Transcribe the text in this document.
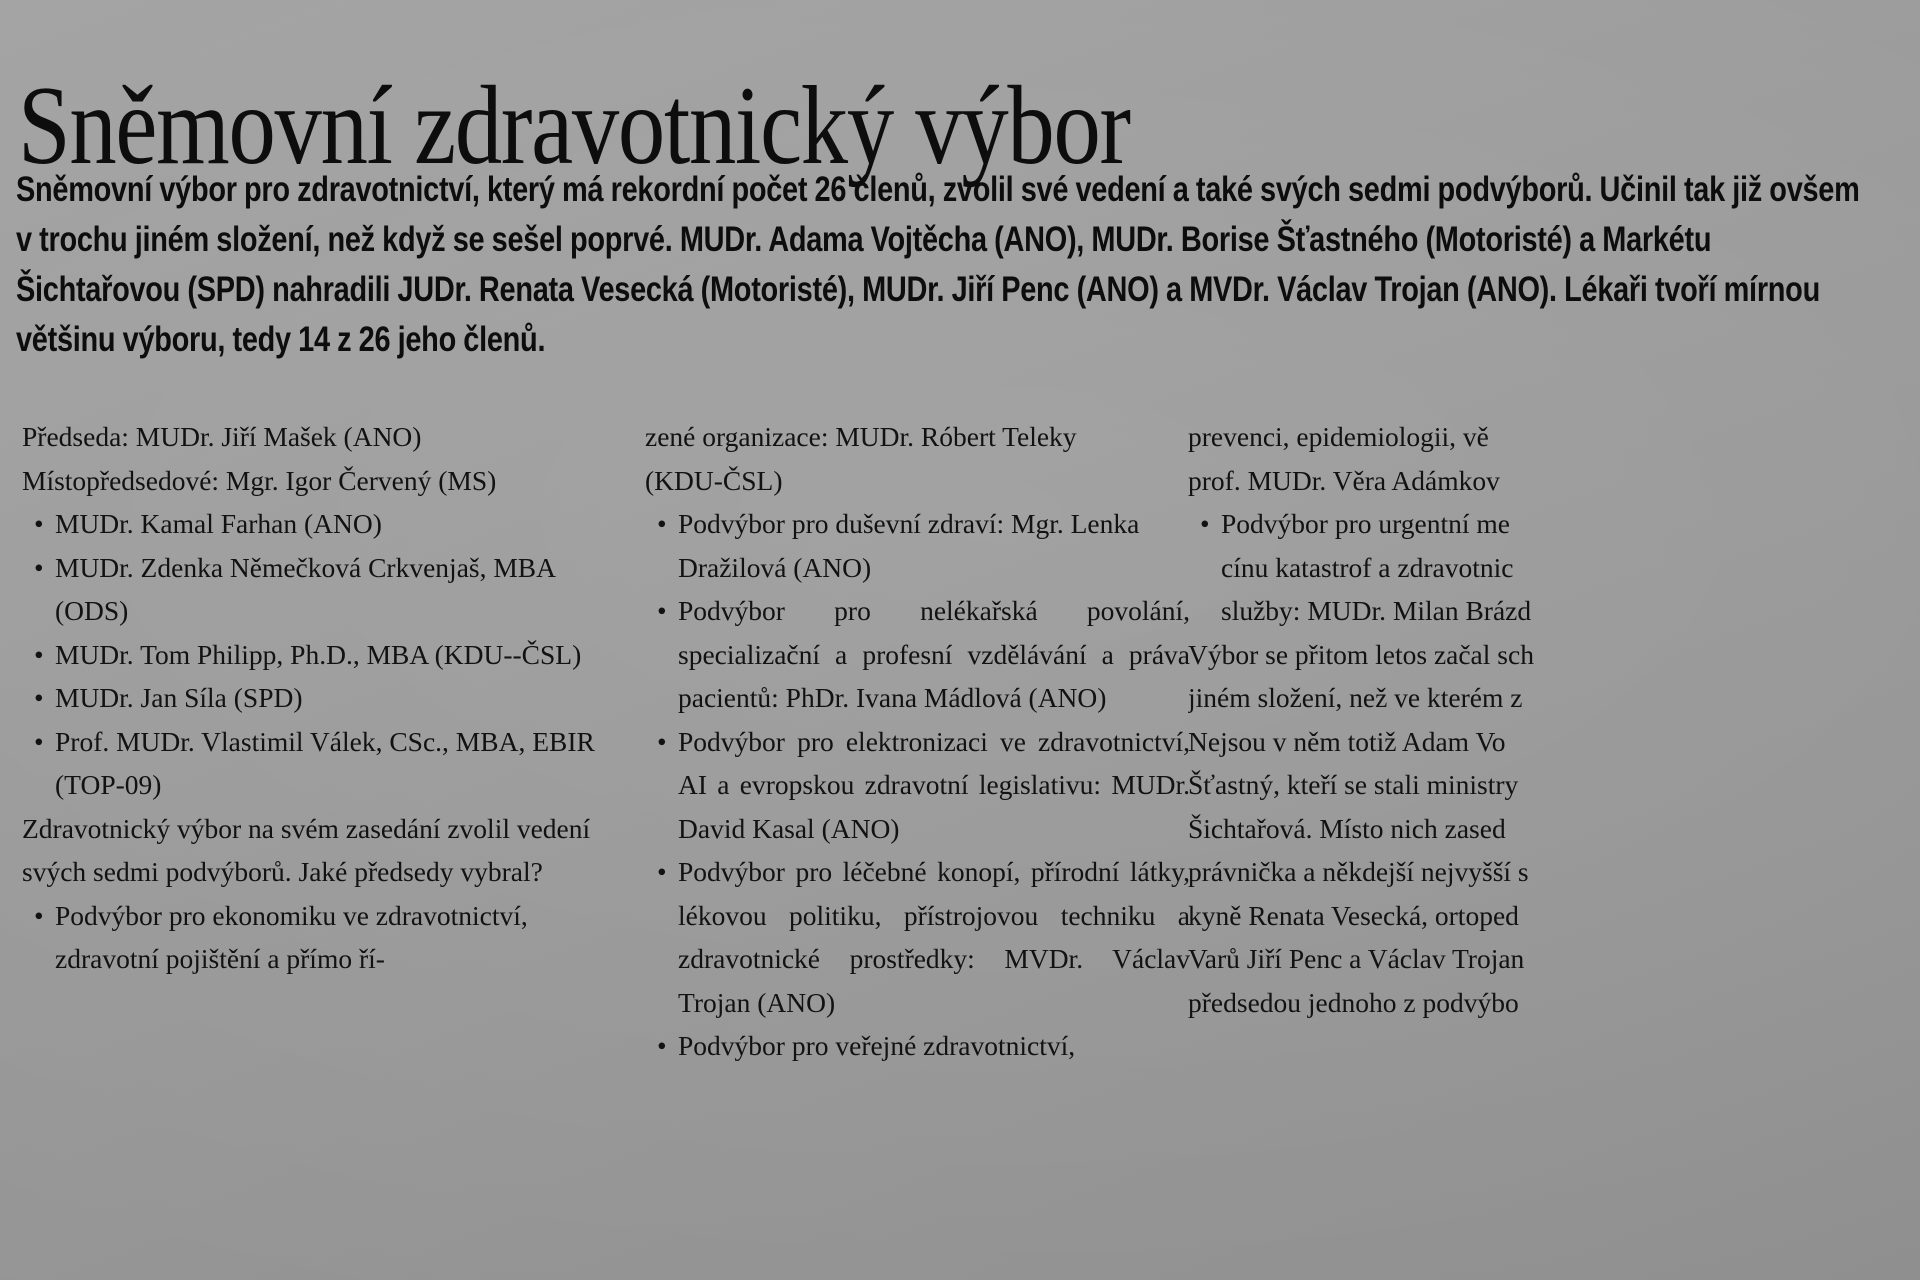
Sněmovní zdravotnický výbor

Sněmovní výbor pro zdravotnictví, který má rekordní počet 26 členů, zvolil své vedení a také svých sedmi podvýborů. Učinil tak již ovšem v trochu jiném složení, než když se sešel poprvé. MUDr. Adama Vojtěcha (ANO), MUDr. Borise Šťastného (Motoristé) a Markétu Šichtařovou (SPD) nahradili JUDr. Renata Vesecká (Motoristé), MUDr. Jiří Penc (ANO) a MVDr. Václav Trojan (ANO). Lékaři tvoří mírnou většinu výboru, tedy 14 z 26 jeho členů.

Předseda: MUDr. Jiří Mašek (ANO)

Místopředsedové: Mgr. Igor Červený (MS)

• MUDr. Kamal Farhan (ANO)
• MUDr. Zdenka Němečková Crkvenjaš, MBA (ODS)
• MUDr. Tom Philipp, Ph.D., MBA (KDU--ČSL)
• MUDr. Jan Síla (SPD)
• Prof. MUDr. Vlastimil Válek, CSc., MBA, EBIR (TOP-09)

Zdravotnický výbor na svém zasedání zvolil vedení svých sedmi podvýborů. Jaké předsedy vybral?

• Podvýbor pro ekonomiku ve zdravotnictví, zdravotní pojištění a přímo ří-

zené organizace: MUDr. Róbert Teleky

(KDU-ČSL)

• Podvýbor pro duševní zdraví: Mgr. Lenka Dražilová (ANO)
• Podvýbor pro nelékařská povolání, specializační a profesní vzdělávání a práva pacientů: PhDr. Ivana Mádlová (ANO)
• Podvýbor pro elektronizaci ve zdravotnictví, AI a evropskou zdravotní legislativu: MUDr. David Kasal (ANO)
• Podvýbor pro léčebné konopí, přírodní látky, lékovou politiku, přístrojovou techniku a zdravotnické prostředky: MVDr. Václav Trojan (ANO)
• Podvýbor pro veřejné zdravotnictví,

prevenci, epidemiologii, vě

prof. MUDr. Věra Adámkov

• Podvýbor pro urgentní me

cínu katastrof a zdravotnic

služby: MUDr. Milan Brázd

Výbor se přitom letos začal sch

jiném složení, než ve kterém z

Nejsou v něm totiž Adam Vo

Šťastný, kteří se stali ministry

Šichtařová. Místo nich zased

právnička a někdejší nejvyšší s

kyně Renata Vesecká, ortoped

Varů Jiří Penc a Václav Trojan

předsedou jednoho z podvýbo
